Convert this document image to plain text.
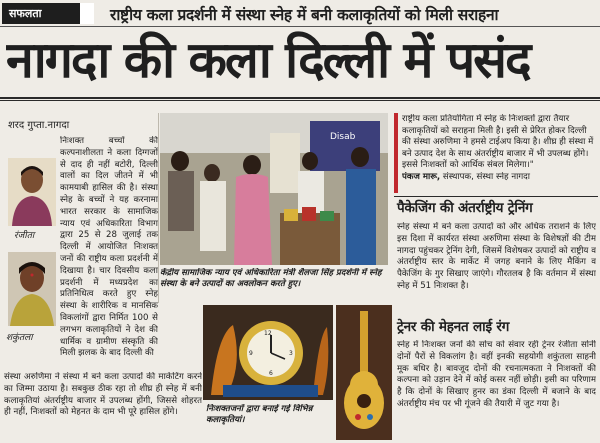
सफलता	राष्ट्रीय कला प्रदर्शनी में संस्था स्नेह में बनी कलाकृतियों को मिली सराहना
नागदा की कला दिल्ली में पसंद
शरद गुप्ता.नागदा
निःशक्त बच्चों की कल्पनाशीलता ने कला दिग्गजों से दाद ही नहीं बटोरी, दिल्ली वालों का दिल जीतने में भी कामयाबी हासिल की है। संस्था स्नेह के बच्चों ने यह करनामा भारत सरकार के सामाजिक न्याय एवं अधिकारिता विभाग द्वारा 25 से 28 जुलाई तक दिल्ली में आयोजित निःशक्त जनों की राष्ट्रीय कला प्रदर्शनी में दिखाया है। चार दिवसीय कला प्रदर्शनी में मध्यप्रदेश का प्रतिनिधित्व करते हुए स्नेह संस्था के शारीरिक व मानसिक विकलांगों द्वारा निर्मित 100 से लगभग कलाकृतियों ने देश की धार्मिक व ग्रामीण संस्कृति की मिली झलक के बाद दिल्ली की
संस्था अरुणिमा ने संस्था में बने कला उत्पादों की मार्केटिंग करने का जिम्मा उठाया है। सबकुछ ठीक रहा तो शीघ्र ही स्नेह में बनी कलाकृतियां अंतर्राष्ट्रीय बाजार में उपलब्ध होंगी, जिससे शोहरत ही नहीं, निःशक्तों को मेहनत के दाम भी पूरे हासिल होंगे।
रंजीता
शकुंतला
Disab
केंद्रीय सामाजिक न्याय एवं अधिकारिता मंत्री शैलजा सिंह प्रदर्शनी में स्नेह संस्था के बने उत्पादों का अवलोकन करते हुए।
12
3
6
9
निःशक्तजनों द्वारा बनाई गई विभिन्न कलाकृतियां।
राष्ट्रीय कला प्रतियोगिता में स्नेह के निःशक्तों द्वारा तैयार कलाकृतियों को सराहना मिली है। इसी से प्रेरित होकर दिल्ली की संस्था अरुणिमा ने हमसे टाईअप किया है। शीघ्र ही संस्था में बने उत्पाद देश के साथ अंतर्राष्ट्रीय बाजार में भी उपलब्ध होंगे। इससे निःशक्तों को आर्थिक संबल मिलेगा।"
पंकज मारू, संस्थापक, संस्था स्नेह नागदा
पैकेजिंग की अंतर्राष्ट्रीय ट्रेनिंग
स्नेह संस्था में बने कला उत्पादों को और अधिक तराशने के लिए इस दिशा में कार्यरत संस्था अरुणिमा संस्था के विशेषज्ञों की टीम नागदा पहुंचकर ट्रेनिंग देगी, जिसमें विशेषकर उत्पादों को राष्ट्रीय व अंतर्राष्ट्रीय स्तर के मार्केट में जगह बनाने के लिए मैकिंग व पैकेजिंग के गुर सिखाए जाएंगे। गौरतलब है कि वर्तमान में संस्था स्नेह में 51 निःशक्त है।
ट्रेनर की मेहनत लाई रंग
स्नेह में निःशक्त जनों की सोच को संवार रही ट्रेनर रंजीता सोनी दोनों पैरों से विकलांग है। वहीं इनकी सहयोगी शकुंतला साहनी मूक बधिर है। बावजूद दोनों की रचनात्मकता ने निःशक्तों की कल्पना को उड़ान देने में कोई कसर नहीं छोड़ी। इसी का परिणाम है कि दोनों के सिखाए हुनर का डंका दिल्ली में बजाने के बाद अंतर्राष्ट्रीय मंच पर भी गूंजने की तैयारी में जुट गया है।
